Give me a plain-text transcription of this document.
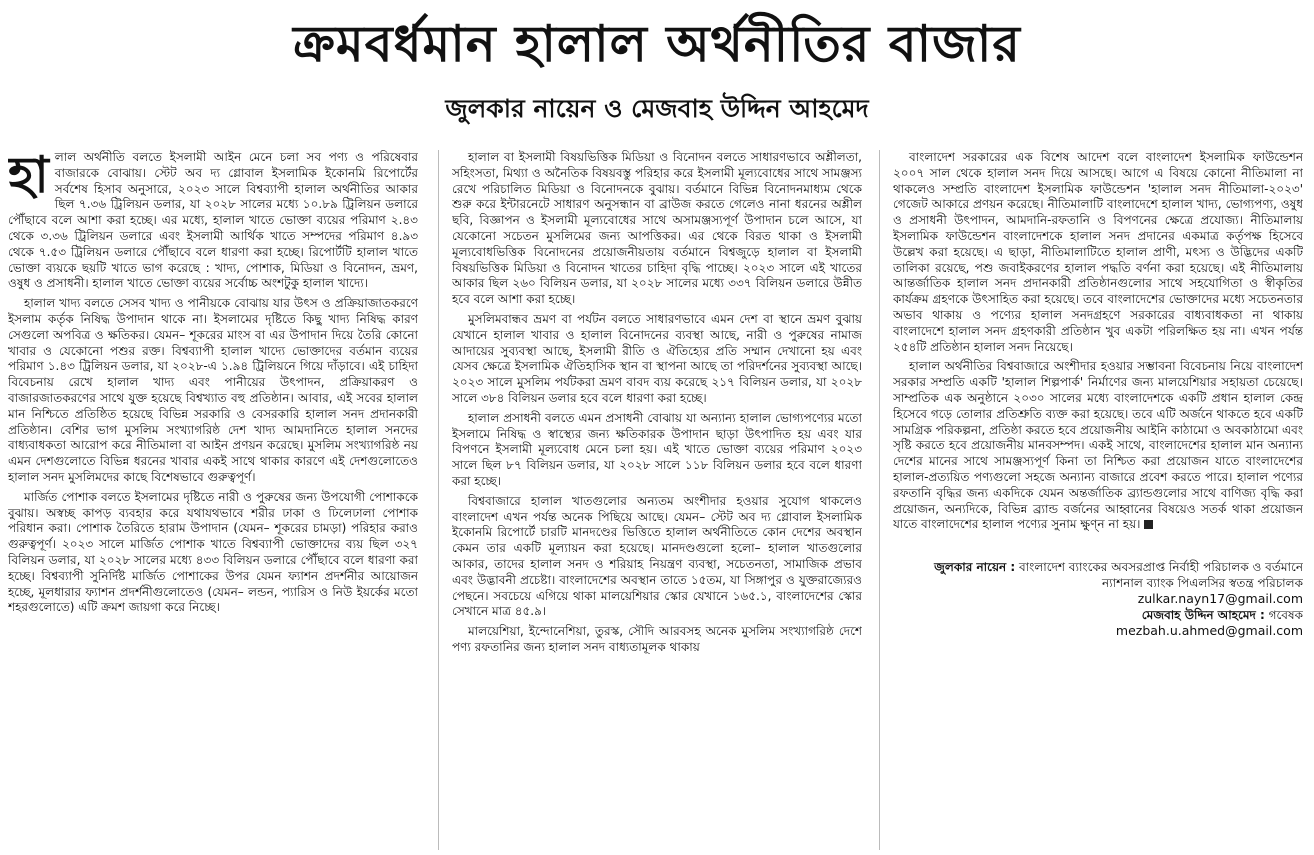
ক্রমবর্ধমান হালাল অর্থনীতির বাজার
জুলকার নায়েন ও মেজবাহ উদ্দিন আহমেদ

হালাল অর্থনীতি বলতে ইসলামী আইন মেনে চলা সব পণ্য ও পরিষেবার বাজারকে বোঝায়। স্টেট অব দ্য গ্লোবাল ইসলামিক ইকোনমি রিপোর্টের সর্বশেষ হিসাব অনুসারে, ২০২৩ সালে বিশ্বব্যাপী হালাল অর্থনীতির আকার ছিল ৭.৩৬ ট্রিলিয়ন ডলার, যা ২০২৮ সালের মধ্যে ১০.৮৯ ট্রিলিয়ন ডলারে পৌঁছাবে বলে আশা করা হচ্ছে। এর মধ্যে, হালাল খাতে ভোক্তা ব্যয়ের পরিমাণ ২.৪৩ থেকে ৩.৩৬ ট্রিলিয়ন ডলারে এবং ইসলামী আর্থিক খাতে সম্পদের পরিমাণ ৪.৯৩ থেকে ৭.৫৩ ট্রিলিয়ন ডলারে পৌঁছাবে বলে ধারণা করা হচ্ছে। রিপোর্টটি হালাল খাতে ভোক্তা ব্যয়কে ছয়টি খাতে ভাগ করেছে : খাদ্য, পোশাক, মিডিয়া ও বিনোদন, ভ্রমণ, ওষুধ ও প্রসাধনী। হালাল খাতে ভোক্তা ব্যয়ের সর্বোচ্চ অংশটুকু হালাল খাদ্যে।

হালাল খাদ্য বলতে সেসব খাদ্য ও পানীয়কে বোঝায় যার উৎস ও প্রক্রিয়াজাতকরণে ইসলাম কর্তৃক নিষিদ্ধ উপাদান থাকে না। ইসলামের দৃষ্টিতে কিছু খাদ্য নিষিদ্ধ কারণ সেগুলো অপবিত্র ও ক্ষতিকর। যেমন– শূকরের মাংস বা এর উপাদান দিয়ে তৈরি কোনো খাবার ও যেকোনো পশুর রক্ত। বিশ্বব্যাপী হালাল খাদ্যে ভোক্তাদের বর্তমান ব্যয়ের পরিমাণ ১.৪৩ ট্রিলিয়ন ডলার, যা ২০২৮-এ ১.৯৪ ট্রিলিয়নে গিয়ে দাঁড়াবে। এই চাহিদা বিবেচনায় রেখে হালাল খাদ্য এবং পানীয়ের উৎপাদন, প্রক্রিয়াকরণ ও বাজারজাতকরণের সাথে যুক্ত হয়েছে বিশ্বখ্যাত বহু প্রতিষ্ঠান। আবার, এই সবের হালাল মান নিশ্চিতে প্রতিষ্ঠিত হয়েছে বিভিন্ন সরকারি ও বেসরকারি হালাল সনদ প্রদানকারী প্রতিষ্ঠান। বেশির ভাগ মুসলিম সংখ্যাগরিষ্ঠ দেশ খাদ্য আমদানিতে হালাল সনদের বাধ্যবাধকতা আরোপ করে নীতিমালা বা আইন প্রণয়ন করেছে। মুসলিম সংখ্যাগরিষ্ঠ নয় এমন দেশগুলোতে বিভিন্ন ধরনের খাবার একই সাথে থাকার কারণে এই দেশগুলোতেও হালাল সনদ মুসলিমদের কাছে বিশেষভাবে গুরুত্বপূর্ণ।

মার্জিত পোশাক বলতে ইসলামের দৃষ্টিতে নারী ও পুরুষের জন্য উপযোগী পোশাককে বুঝায়। অস্বচ্ছ কাপড় ব্যবহার করে যথাযথভাবে শরীর ঢাকা ও ঢিলেঢালা পোশাক পরিধান করা। পোশাক তৈরিতে হারাম উপাদান (যেমন– শূকরের চামড়া) পরিহার করাও গুরুত্বপূর্ণ। ২০২৩ সালে মার্জিত পোশাক খাতে বিশ্বব্যাপী ভোক্তাদের ব্যয় ছিল ৩২৭ বিলিয়ন ডলার, যা ২০২৮ সালের মধ্যে ৪৩৩ বিলিয়ন ডলারে পৌঁছাবে বলে ধারণা করা হচ্ছে। বিশ্বব্যাপী সুনির্দিষ্ট মার্জিত পোশাকের উপর যেমন ফ্যাশন প্রদর্শনীর আয়োজন হচ্ছে, মূলধারার ফ্যাশন প্রদর্শনীগুলোতেও (যেমন– লন্ডন, প্যারিস ও নিউ ইয়র্কের মতো শহরগুলোতে) এটি ক্রমশ জায়গা করে নিচ্ছে।

হালাল বা ইসলামী বিষয়ভিত্তিক মিডিয়া ও বিনোদন বলতে সাধারণভাবে অশ্লীলতা, সহিংসতা, মিথ্যা ও অনৈতিক বিষয়বস্তু পরিহার করে ইসলামী মূল্যবোধের সাথে সামঞ্জস্য রেখে পরিচালিত মিডিয়া ও বিনোদনকে বুঝায়। বর্তমানে বিভিন্ন বিনোদনমাধ্যম থেকে শুরু করে ইন্টারনেটে সাধারণ অনুসন্ধান বা ব্রাউজ করতে গেলেও নানা ধরনের অশ্লীল ছবি, বিজ্ঞাপন ও ইসলামী মূল্যবোধের সাথে অসামঞ্জস্যপূর্ণ উপাদান চলে আসে, যা যেকোনো সচেতন মুসলিমের জন্য আপত্তিকর। এর থেকে বিরত থাকা ও ইসলামী মূল্যবোধভিত্তিক বিনোদনের প্রয়োজনীয়তায় বর্তমানে বিশ্বজুড়ে হালাল বা ইসলামী বিষয়ভিত্তিক মিডিয়া ও বিনোদন খাতের চাহিদা বৃদ্ধি পাচ্ছে। ২০২৩ সালে এই খাতের আকার ছিল ২৬০ বিলিয়ন ডলার, যা ২০২৮ সালের মধ্যে ৩৩৭ বিলিয়ন ডলারে উন্নীত হবে বলে আশা করা হচ্ছে।

মুসলিমবান্ধব ভ্রমণ বা পর্যটন বলতে সাধারণভাবে এমন দেশ বা স্থানে ভ্রমণ বুঝায় যেখানে হালাল খাবার ও হালাল বিনোদনের ব্যবস্থা আছে, নারী ও পুরুষের নামাজ আদায়ের সুব্যবস্থা আছে, ইসলামী রীতি ও ঐতিহ্যের প্রতি সম্মান দেখানো হয় এবং যেসব ক্ষেত্রে ইসলামিক ঐতিহাসিক স্থান বা স্থাপনা আছে তা পরিদর্শনের সুব্যবস্থা আছে। ২০২৩ সালে মুসলিম পর্যটকরা ভ্রমণ বাবদ ব্যয় করেছে ২১৭ বিলিয়ন ডলার, যা ২০২৮ সালে ৩৮৪ বিলিয়ন ডলার হবে বলে ধারণা করা হচ্ছে।

হালাল প্রসাধনী বলতে এমন প্রসাধনী বোঝায় যা অন্যান্য হালাল ভোগ্যপণ্যের মতো ইসলামে নিষিদ্ধ ও স্বাস্থ্যের জন্য ক্ষতিকারক উপাদান ছাড়া উৎপাদিত হয় এবং যার বিপণনে ইসলামী মূল্যবোধ মেনে চলা হয়। এই খাতে ভোক্তা ব্যয়ের পরিমাণ ২০২৩ সালে ছিল ৮৭ বিলিয়ন ডলার, যা ২০২৮ সালে ১১৮ বিলিয়ন ডলার হবে বলে ধারণা করা হচ্ছে।

বিশ্ববাজারে হালাল খাতগুলোর অন্যতম অংশীদার হওয়ার সুযোগ থাকলেও বাংলাদেশ এখন পর্যন্ত অনেক পিছিয়ে আছে। যেমন– স্টেট অব দ্য গ্লোবাল ইসলামিক ইকোনমি রিপোর্টে চারটি মানদণ্ডের ভিত্তিতে হালাল অর্থনীতিতে কোন দেশের অবস্থান কেমন তার একটি মূল্যায়ন করা হয়েছে। মানদণ্ডগুলো হলো– হালাল খাতগুলোর আকার, তাদের হালাল সনদ ও শরিয়াহ নিয়ন্ত্রণ ব্যবস্থা, সচেতনতা, সামাজিক প্রভাব এবং উদ্ভাবনী প্রচেষ্টা। বাংলাদেশের অবস্থান তাতে ১৫তম, যা সিঙ্গাপুর ও যুক্তরাজ্যেরও পেছনে। সবচেয়ে এগিয়ে থাকা মালয়েশিয়ার স্কোর যেখানে ১৬৫.১, বাংলাদেশের স্কোর সেখানে মাত্র ৪৫.৯।

মালয়েশিয়া, ইন্দোনেশিয়া, তুরস্ক, সৌদি আরবসহ অনেক মুসলিম সংখ্যাগরিষ্ঠ দেশে পণ্য রফতানির জন্য হালাল সনদ বাধ্যতামূলক থাকায়

বাংলাদেশ সরকারের এক বিশেষ আদেশ বলে বাংলাদেশ ইসলামিক ফাউন্ডেশন ২০০৭ সাল থেকে হালাল সনদ দিয়ে আসছে। আগে এ বিষয়ে কোনো নীতিমালা না থাকলেও সম্প্রতি বাংলাদেশ ইসলামিক ফাউন্ডেশন 'হালাল সনদ নীতিমালা-২০২৩' গেজেট আকারে প্রণয়ন করেছে। নীতিমালাটি বাংলাদেশে হালাল খাদ্য, ভোগ্যপণ্য, ওষুধ ও প্রসাধনী উৎপাদন, আমদানি-রফতানি ও বিপণনের ক্ষেত্রে প্রযোজ্য। নীতিমালায় ইসলামিক ফাউন্ডেশন বাংলাদেশকে হালাল সনদ প্রদানের একমাত্র কর্তৃপক্ষ হিসেবে উল্লেখ করা হয়েছে। এ ছাড়া, নীতিমালাটিতে হালাল প্রাণী, মৎস্য ও উদ্ভিদের একটি তালিকা রয়েছে, পশু জবাইকরণের হালাল পদ্ধতি বর্ণনা করা হয়েছে। এই নীতিমালায় আন্তর্জাতিক হালাল সনদ প্রদানকারী প্রতিষ্ঠানগুলোর সাথে সহযোগিতা ও স্বীকৃতির কার্যক্রম গ্রহণকে উৎসাহিত করা হয়েছে। তবে বাংলাদেশের ভোক্তাদের মধ্যে সচেতনতার অভাব থাকায় ও পণ্যের হালাল সনদগ্রহণে সরকারের বাধ্যবাধকতা না থাকায় বাংলাদেশে হালাল সনদ গ্রহণকারী প্রতিষ্ঠান খুব একটা পরিলক্ষিত হয় না। এখন পর্যন্ত ২৫৪টি প্রতিষ্ঠান হালাল সনদ নিয়েছে।

হালাল অর্থনীতির বিশ্ববাজারে অংশীদার হওয়ার সম্ভাবনা বিবেচনায় নিয়ে বাংলাদেশ সরকার সম্প্রতি একটি 'হালাল শিল্পপার্ক' নির্মাণের জন্য মালয়েশিয়ার সহায়তা চেয়েছে। সাম্প্রতিক এক অনুষ্ঠানে ২০৩০ সালের মধ্যে বাংলাদেশকে একটি প্রধান হালাল কেন্দ্র হিসেবে গড়ে তোলার প্রতিশ্রুতি ব্যক্ত করা হয়েছে। তবে এটি অর্জনে থাকতে হবে একটি সামগ্রিক পরিকল্পনা, প্রতিষ্ঠা করতে হবে প্রয়োজনীয় আইনি কাঠামো ও অবকাঠামো এবং সৃষ্টি করতে হবে প্রয়োজনীয় মানবসম্পদ। একই সাথে, বাংলাদেশের হালাল মান অন্যান্য দেশের মানের সাথে সামঞ্জস্যপূর্ণ কিনা তা নিশ্চিত করা প্রয়োজন যাতে বাংলাদেশের হালাল-প্রত্যয়িত পণ্যগুলো সহজে অন্যান্য বাজারে প্রবেশ করতে পারে। হালাল পণ্যের রফতানি বৃদ্ধির জন্য একদিকে যেমন অন্তর্জাতিক ব্র্যান্ডগুলোর সাথে বাণিজ্য বৃদ্ধি করা প্রয়োজন, অন্যদিকে, বিভিন্ন ব্র্যান্ড বর্জনের আহ্বানের বিষয়েও সতর্ক থাকা প্রয়োজন যাতে বাংলাদেশের হালাল পণ্যের সুনাম ক্ষুণ্ন না হয়।

জুলকার নায়েন : বাংলাদেশ ব্যাংকের অবসরপ্রাপ্ত নির্বাহী পরিচালক ও বর্তমানে ন্যাশনাল ব্যাংক পিএলসির স্বতন্ত্র পরিচালক
zulkar.nayn17@gmail.com
মেজবাহ উদ্দিন আহমেদ : গবেষক
mezbah.u.ahmed@gmail.com
